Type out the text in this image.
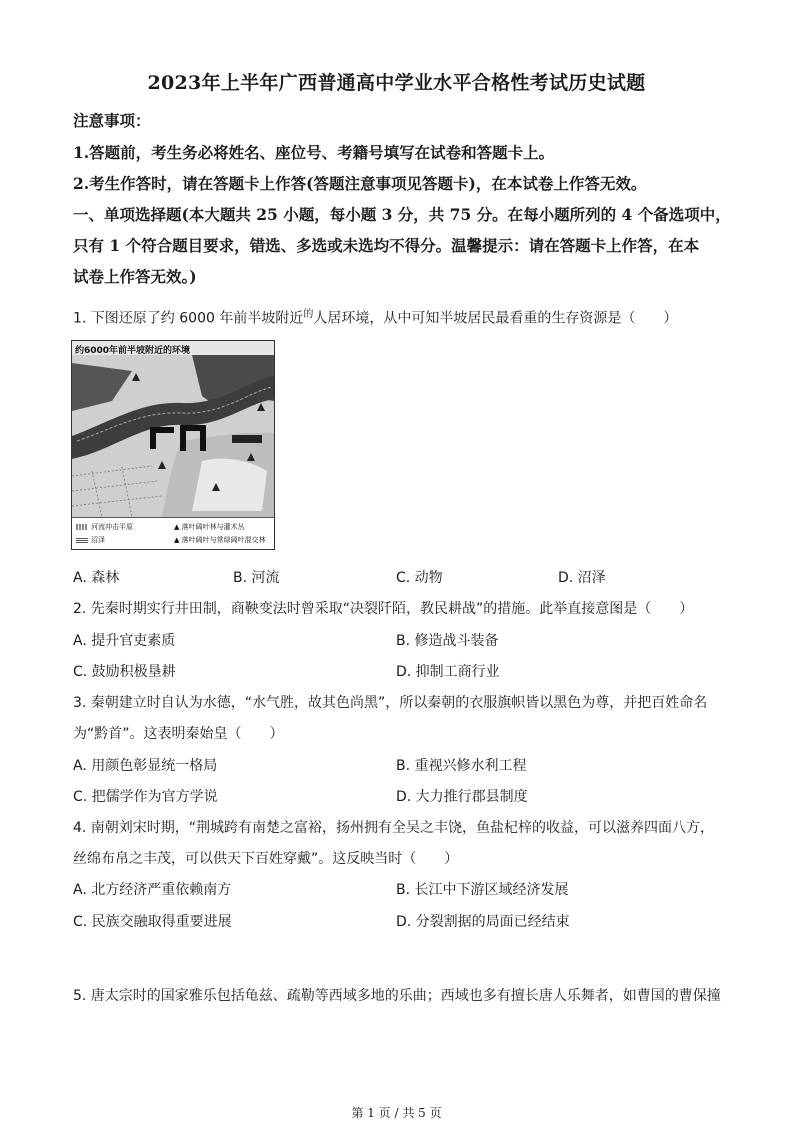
2023年上半年广西普通高中学业水平合格性考试历史试题
注意事项：
1.答题前，考生务必将姓名、座位号、考籍号填写在试卷和答题卡上。
2.考生作答时，请在答题卡上作答(答题注意事项见答题卡)，在本试卷上作答无效。
一、单项选择题(本大题共 25 小题，每小题 3 分，共 75 分。在每小题所列的 4 个备选项中，
只有 1 个符合题目要求，错选、多选或未选均不得分。温馨提示：请在答题卡上作答，在本
试卷上作答无效。)
1. 下图还原了约 6000 年前半坡附近$^的$人居环境，从中可知半坡居民最看重的生存资源是（　　）
约6000年前半坡附近的环境
河流冲击平原
沼泽
▲ 落叶阔叶林与灌木丛
▲ 落叶阔叶与常绿阔叶混交林
A. 森林	B. 河流	C. 动物	D. 沼泽
2. 先秦时期实行井田制，商鞅变法时曾采取“决裂阡陌，教民耕战”的措施。此举直接意图是（　　）
A. 提升官吏素质	B. 修造战斗装备
C. 鼓励积极垦耕	D. 抑制工商行业
3. 秦朝建立时自认为水德，“水气胜，故其色尚黑”，所以秦朝的衣服旗帜皆以黑色为尊，并把百姓命名
为“黔首”。这表明秦始皇（　　）
A. 用颜色彰显统一格局	B. 重视兴修水利工程
C. 把儒学作为官方学说	D. 大力推行郡县制度
4. 南朝刘宋时期，“荆城跨有南楚之富裕，扬州拥有全吴之丰饶，鱼盐杞梓的收益，可以滋养四面八方，
丝绵布帛之丰茂，可以供天下百姓穿戴”。这反映当时（　　）
A. 北方经济严重依赖南方	B. 长江中下游区域经济发展
C. 民族交融取得重要进展	D. 分裂割据的局面已经结束
5. 唐太宗时的国家雅乐包括龟兹、疏勒等西域多地的乐曲；西域也多有擅长唐人乐舞者，如曹国的曹保撞
第 1 页 / 共 5 页
